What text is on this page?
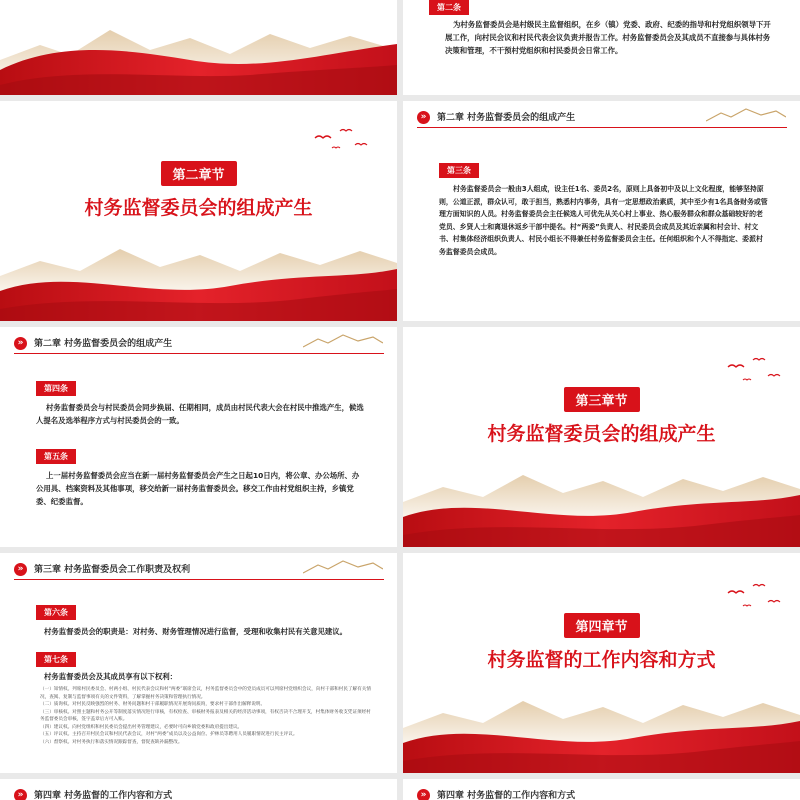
第二条
为村务监督委员会是村级民主监督组织，在乡（镇）党委、政府、纪委的指导和村党组织领导下开展工作，向村民会议和村民代表会议负责并报告工作。村务监督委员会及其成员不直接参与具体村务决策和管理，不干预村党组织和村民委员会日常工作。
第二章节
村务监督委员会的组成产生
»	第二章 村务监督委员会的组成产生
第三条
村务监督委员会一般由3人组成，设主任1名、委员2名，原则上具备初中及以上文化程度，能够坚持原则，公道正派，群众认可，敢于担当，熟悉村内事务，具有一定思想政治素质，其中至少有1名具备财务或管理方面知识的人员。村务监督委员会主任候选人可优先从关心村上事业、热心服务群众和群众基础较好的老党员、乡贤人士和离退休返乡干部中提名。村“两委”负责人、村民委员会成员及其近亲属和村会计、村文书、村集体经济组织负责人、村民小组长不得兼任村务监督委员会主任。任何组织和个人不得指定、委派村务监督委员会成员。
»	第二章 村务监督委员会的组成产生
第四条
村务监督委员会与村民委员会同步换届、任期相同，成员由村民代表大会在村民中推选产生，候选人提名及选举程序方式与村民委员会的一致。
第五条
上一届村务监督委员会应当在新一届村务监督委员会产生之日起10日内，将公章、办公场所、办公用具、档案资料及其他事项，移交给新一届村务监督委员会。移交工作由村党组织主持，乡镇党委、纪委监督。
第三章节
村务监督委员会的组成产生
»	第三章 村务监督委员会工作职责及权利
第六条
村务监督委员会的职责是：对村务、财务管理情况进行监督，受理和收集村民有关意见建议。
第七条
村务监督委员会及其成员享有以下权利：
（一）知情权。列席村民委员会、村两小组、村民代表会议和村“两委”联席会议，村务监督委员会中的党员成员可以列席村党组织会议，向村干部和村民了解有关情况，查阅、复制与监督事项有关的文件资料，了解掌握村务决策和管理执行情况。
（二）质询权。对村民反映强烈的村务、财务问题和村干部履职情况开展询问质询，要求村干部作出解释说明。
（三）审核权。对照主题和村务公开等制度落实情况进行审核，有权检查、审核财务报表及相关的经济活动事项，有权否决不合理开支，村集体财务收支凭证须经村务监督委员会审核，签字盖章后方可入账。
（四）建议权。向村党组织和村民委员会提出村务管理建议，必要时可向乡镇党委和政府提出建议。
（五）评议权。主持召开村民会议和村民代表会议，对村“两委”成员以及公益岗位、护林员等聘用人员履职情况进行民主评议。
（六）督察权。对村务执行和落实情况跟踪督查，督促查缺补漏整改。
第四章节
村务监督的工作内容和方式
»	第四章 村务监督的工作内容和方式	»	第四章 村务监督的工作内容和方式
